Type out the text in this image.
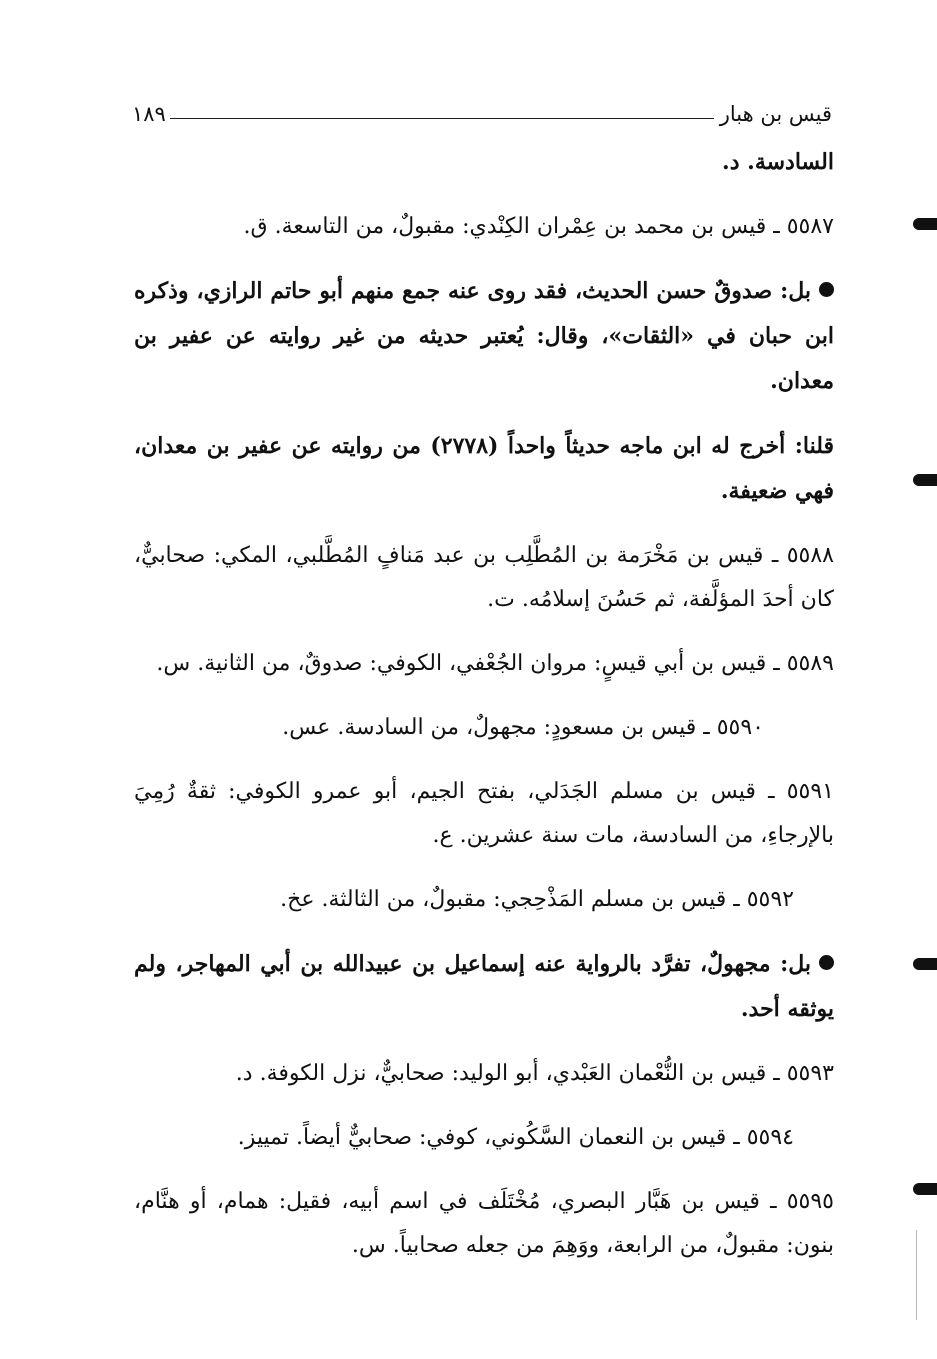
قيس بن هبار
١٨٩

السادسة. د.

٥٥٨٧ ـ قيس بن محمد بن عِمْران الكِنْدي: مقبولٌ، من التاسعة. ق.

بل: صدوقٌ حسن الحديث، فقد روى عنه جمع منهم أبو حاتم الرازي، وذكره ابن حبان في «الثقات»، وقال: يُعتبر حديثه من غير روايته عن عفير بن معدان.

قلنا: أخرج له ابن ماجه حديثاً واحداً (٢٧٧٨) من روايته عن عفير بن معدان، فهي ضعيفة.

٥٥٨٨ ـ قيس بن مَخْرَمة بن المُطَّلِب بن عبد مَنافٍ المُطَّلبي، المكي: صحابيٌّ، كان أحدَ المؤلَّفة، ثم حَسُنَ إسلامُه. ت.

٥٥٨٩ ـ قيس بن أبي قيسٍ: مروان الجُعْفي، الكوفي: صدوقٌ، من الثانية. س.

٥٥٩٠ ـ قيس بن مسعودٍ: مجهولٌ، من السادسة. عس.

٥٥٩١ ـ قيس بن مسلم الجَدَلي، بفتح الجيم، أبو عمرو الكوفي: ثقةٌ رُمِيَ بالإرجاءِ، من السادسة، مات سنة عشرين. ع.

٥٥٩٢ ـ قيس بن مسلم المَذْحِجي: مقبولٌ، من الثالثة. عخ.

بل: مجهولٌ، تفرَّد بالرواية عنه إسماعيل بن عبيدالله بن أبي المهاجر، ولم يوثقه أحد.

٥٥٩٣ ـ قيس بن النُّعْمان العَبْدي، أبو الوليد: صحابيٌّ، نزل الكوفة. د.

٥٥٩٤ ـ قيس بن النعمان السَّكُوني، كوفي: صحابيٌّ أيضاً. تمييز.

٥٥٩٥ ـ قيس بن هَبَّار البصري، مُخْتَلَف في اسم أبيه، فقيل: همام، أو هنَّام، بنون: مقبولٌ، من الرابعة، ووَهِمَ من جعله صحابياً. س.
